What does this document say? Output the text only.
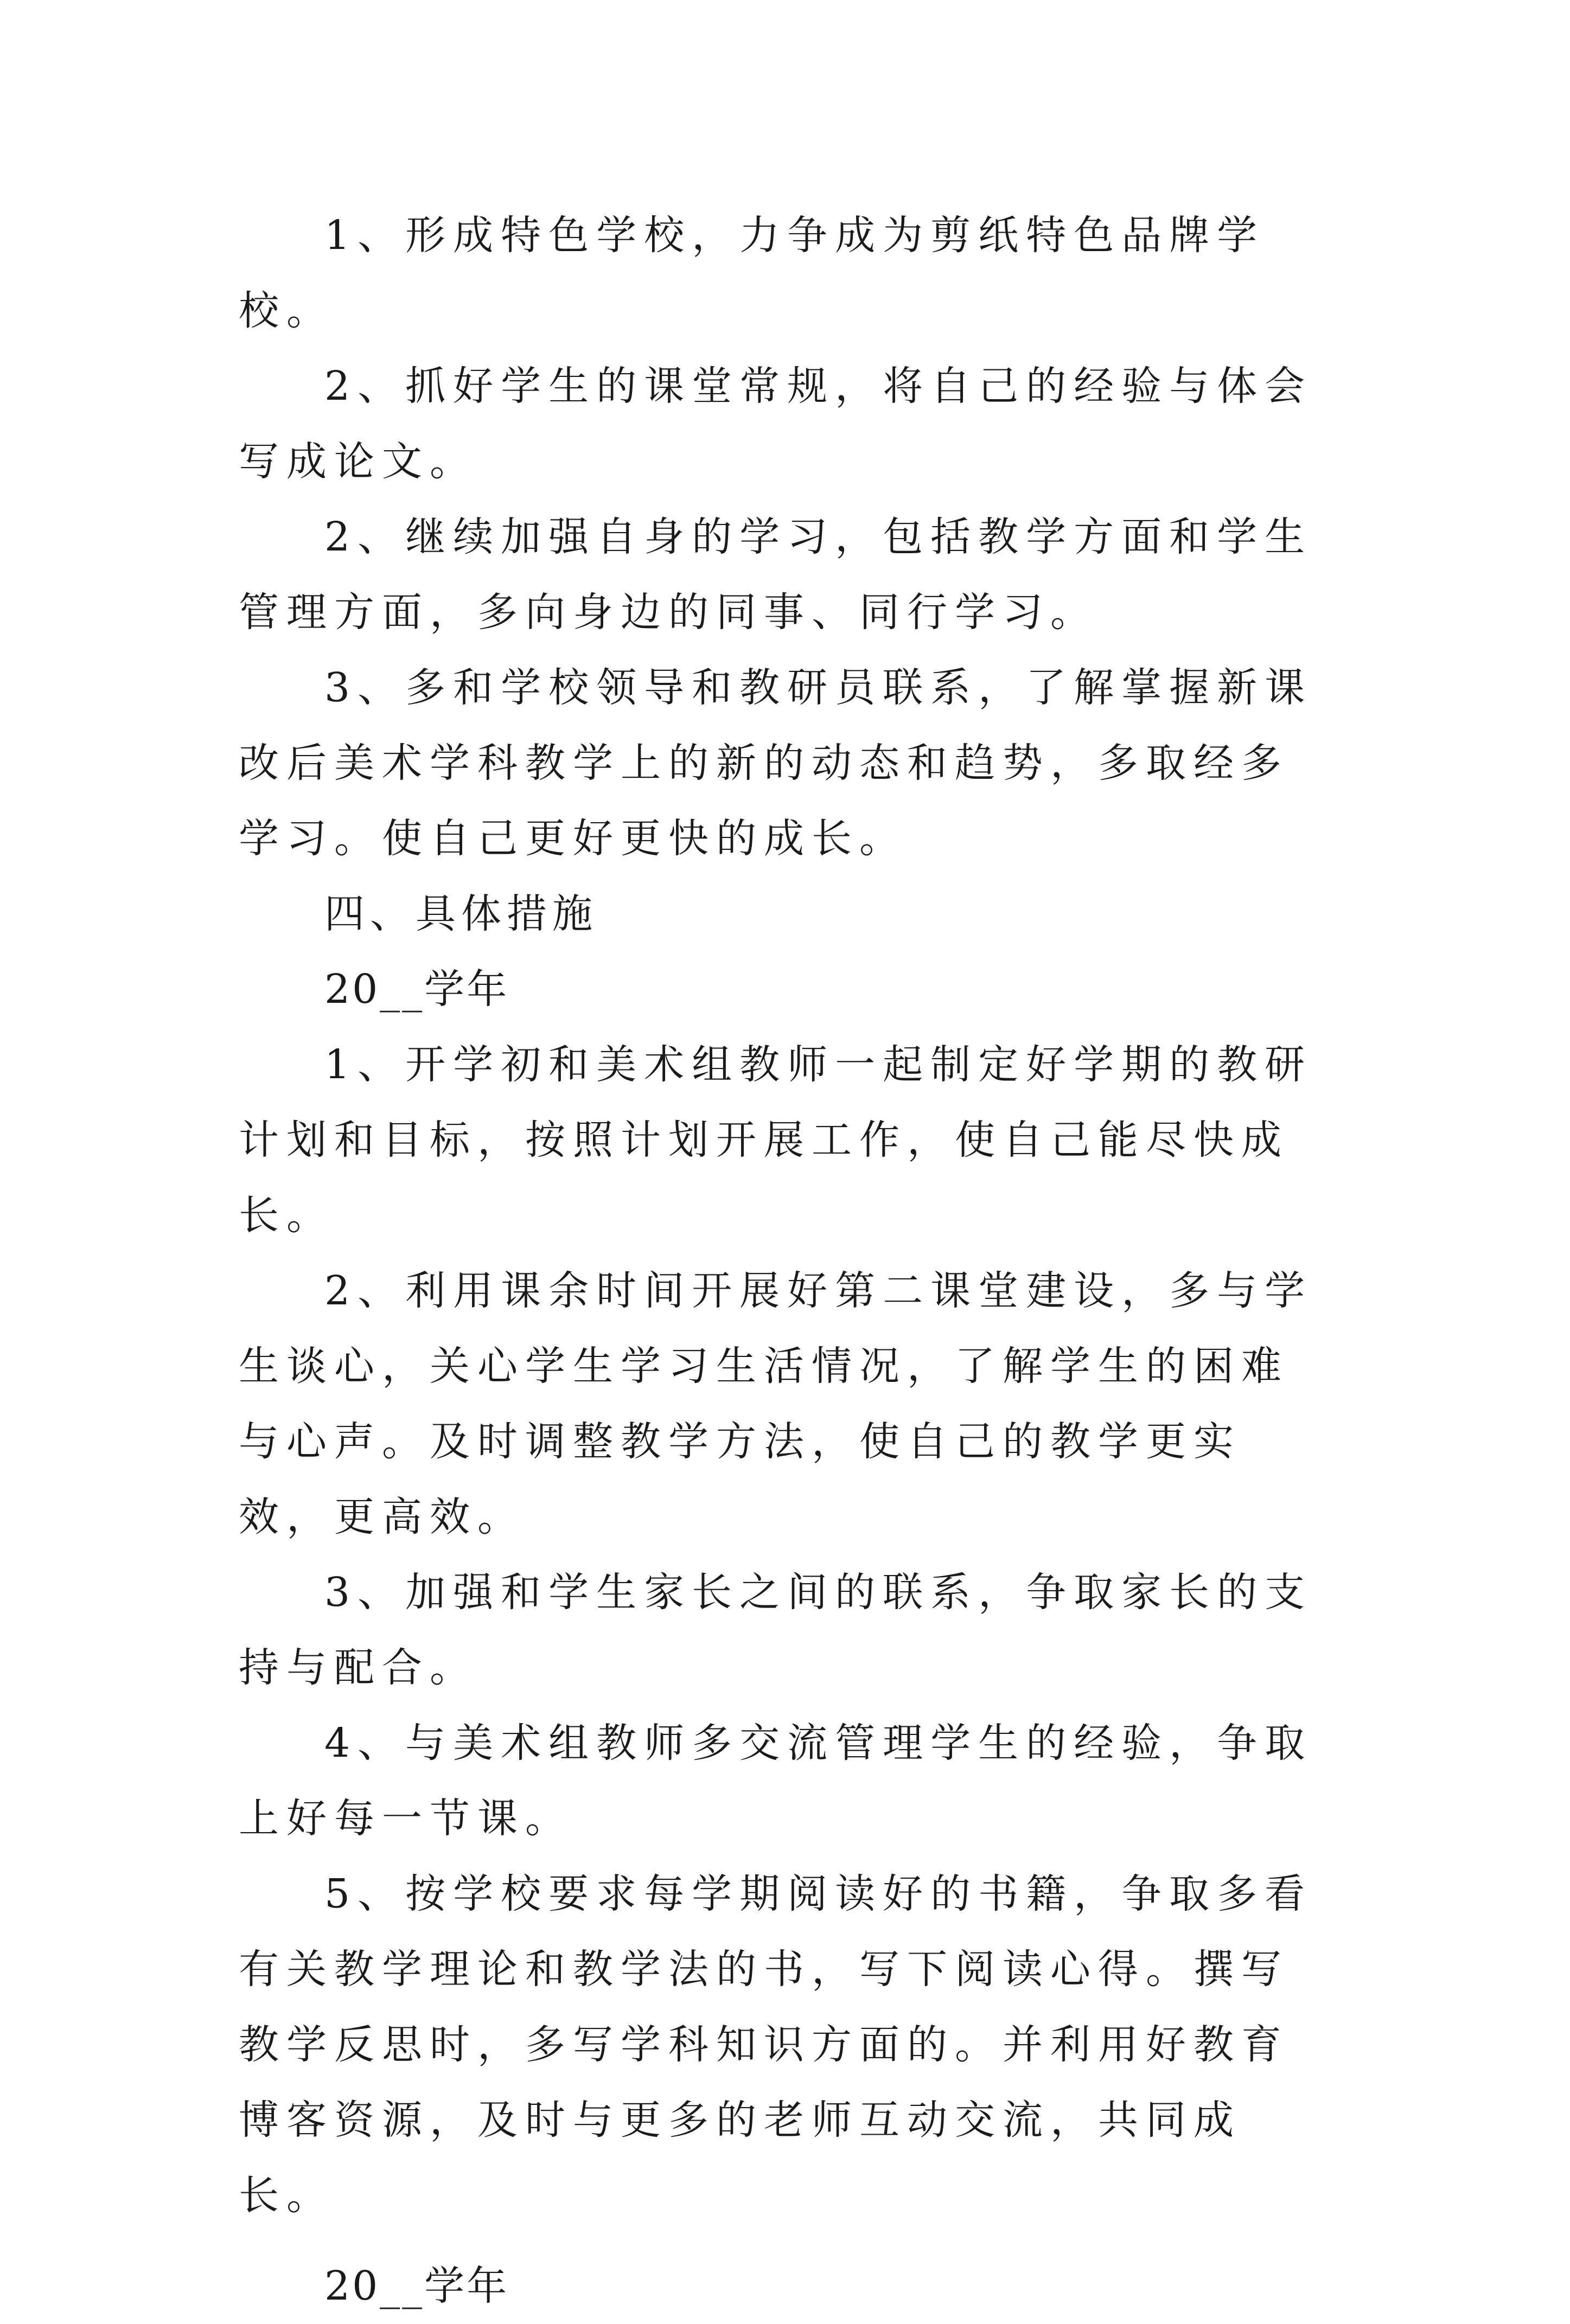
1、形成特色学校，力争成为剪纸特色品牌学校。

2、抓好学生的课堂常规，将自己的经验与体会写成论文。

2、继续加强自身的学习，包括教学方面和学生管理方面，多向身边的同事、同行学习。

3、多和学校领导和教研员联系，了解掌握新课改后美术学科教学上的新的动态和趋势，多取经多学习。使自己更好更快的成长。

四、具体措施

20__学年

1、开学初和美术组教师一起制定好学期的教研计划和目标，按照计划开展工作，使自己能尽快成长。

2、利用课余时间开展好第二课堂建设，多与学生谈心，关心学生学习生活情况，了解学生的困难与心声。及时调整教学方法，使自己的教学更实效，更高效。

3、加强和学生家长之间的联系，争取家长的支持与配合。

4、与美术组教师多交流管理学生的经验，争取上好每一节课。

5、按学校要求每学期阅读好的书籍，争取多看有关教学理论和教学法的书，写下阅读心得。撰写教学反思时，多写学科知识方面的。并利用好教育博客资源，及时与更多的老师互动交流，共同成长。

20__学年
